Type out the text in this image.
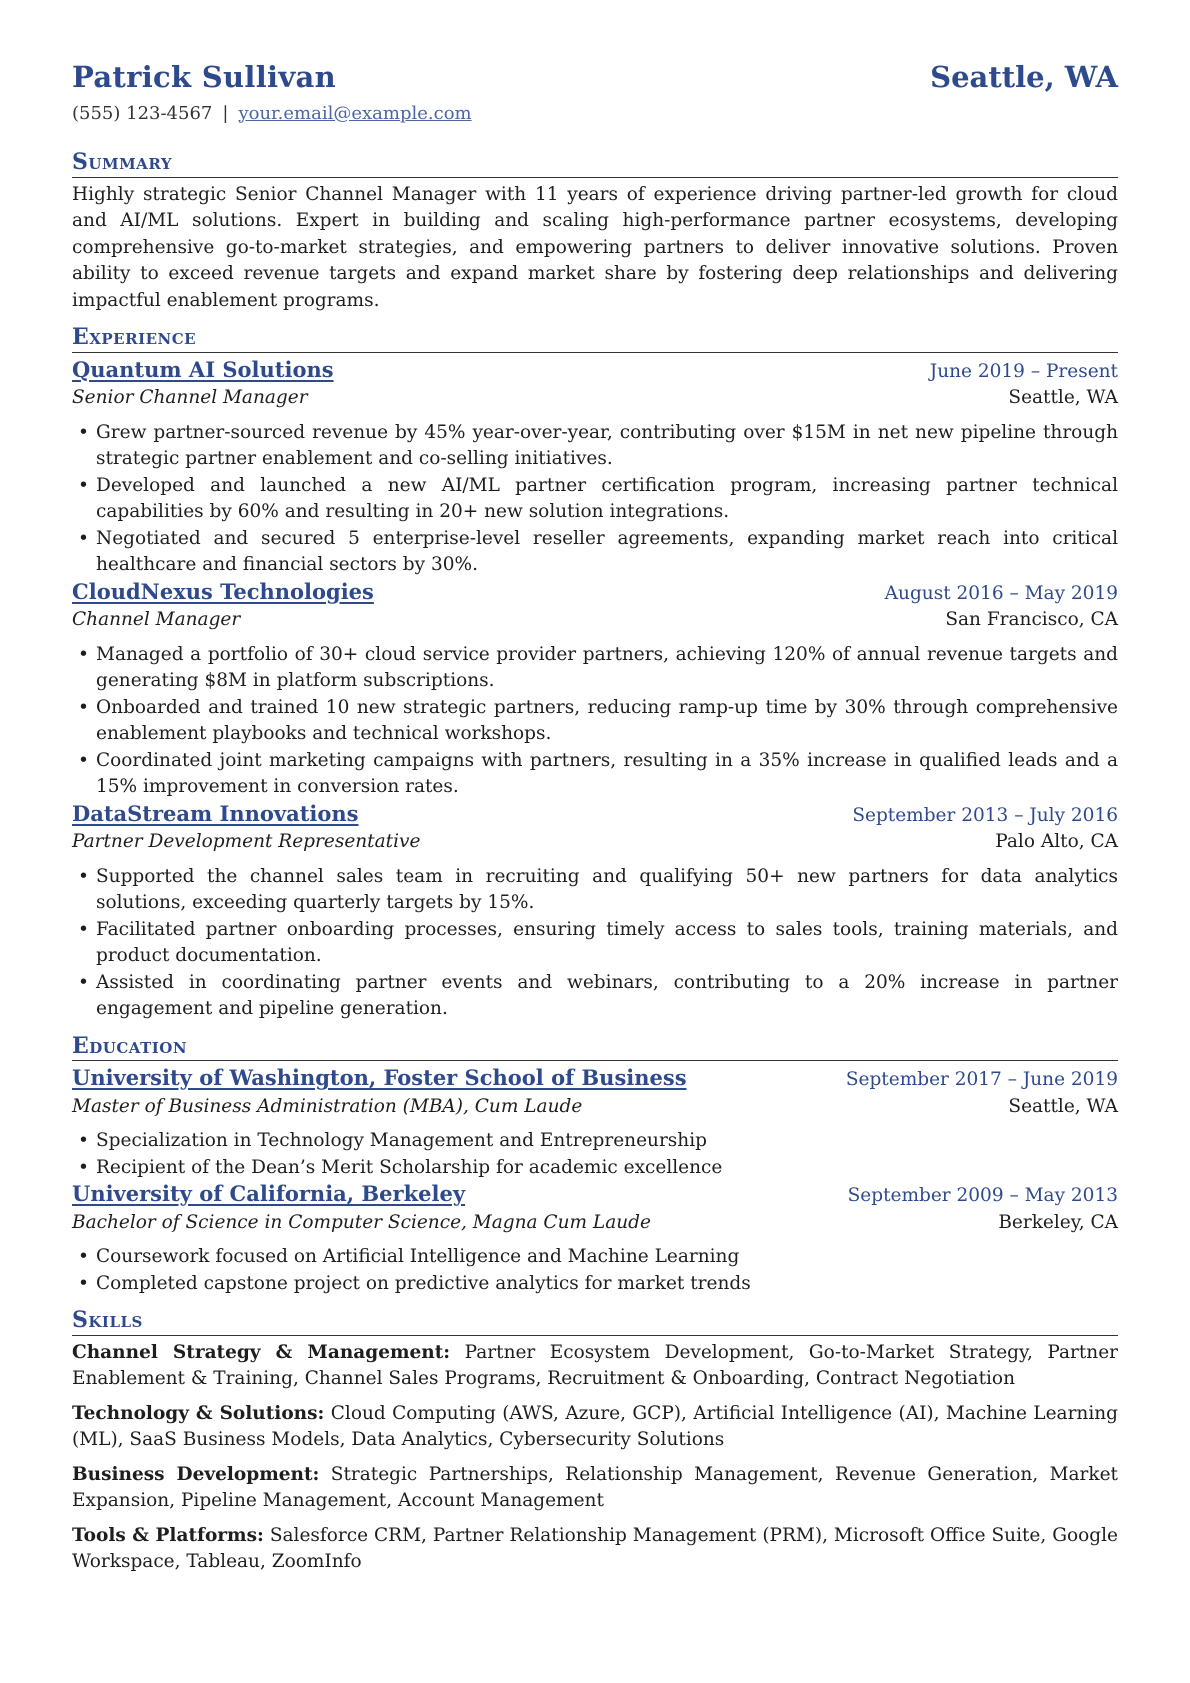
Patrick Sullivan	Seattle, WA
(555) 123-4567 | your.email@example.com
Summary
Highly strategic Senior Channel Manager with 11 years of experience driving partner-led growth for cloud and AI/ML solutions. Expert in building and scaling high-performance partner ecosystems, developing comprehensive go-to-market strategies, and empowering partners to deliver innovative solutions. Proven ability to exceed revenue targets and expand market share by fostering deep relationships and delivering impactful enablement programs.
Experience
Quantum AI Solutions	June 2019 – Present
Senior Channel Manager	Seattle, WA
• Grew partner-sourced revenue by 45% year-over-year, contributing over $15M in net new pipeline through strategic partner enablement and co-selling initiatives.
• Developed and launched a new AI/ML partner certification program, increasing partner technical capabilities by 60% and resulting in 20+ new solution integrations.
• Negotiated and secured 5 enterprise-level reseller agreements, expanding market reach into critical healthcare and financial sectors by 30%.
CloudNexus Technologies	August 2016 – May 2019
Channel Manager	San Francisco, CA
• Managed a portfolio of 30+ cloud service provider partners, achieving 120% of annual revenue targets and generating $8M in platform subscriptions.
• Onboarded and trained 10 new strategic partners, reducing ramp-up time by 30% through comprehensive enablement playbooks and technical workshops.
• Coordinated joint marketing campaigns with partners, resulting in a 35% increase in qualified leads and a 15% improvement in conversion rates.
DataStream Innovations	September 2013 – July 2016
Partner Development Representative	Palo Alto, CA
• Supported the channel sales team in recruiting and qualifying 50+ new partners for data analytics solutions, exceeding quarterly targets by 15%.
• Facilitated partner onboarding processes, ensuring timely access to sales tools, training materials, and product documentation.
• Assisted in coordinating partner events and webinars, contributing to a 20% increase in partner engagement and pipeline generation.
Education
University of Washington, Foster School of Business	September 2017 – June 2019
Master of Business Administration (MBA), Cum Laude	Seattle, WA
• Specialization in Technology Management and Entrepreneurship
• Recipient of the Dean’s Merit Scholarship for academic excellence
University of California, Berkeley	September 2009 – May 2013
Bachelor of Science in Computer Science, Magna Cum Laude	Berkeley, CA
• Coursework focused on Artificial Intelligence and Machine Learning
• Completed capstone project on predictive analytics for market trends
Skills
Channel Strategy & Management: Partner Ecosystem Development, Go-to-Market Strategy, Partner Enablement & Training, Channel Sales Programs, Recruitment & Onboarding, Contract Negotiation
Technology & Solutions: Cloud Computing (AWS, Azure, GCP), Artificial Intelligence (AI), Machine Learning (ML), SaaS Business Models, Data Analytics, Cybersecurity Solutions
Business Development: Strategic Partnerships, Relationship Management, Revenue Generation, Market Expansion, Pipeline Management, Account Management
Tools & Platforms: Salesforce CRM, Partner Relationship Management (PRM), Microsoft Office Suite, Google Workspace, Tableau, ZoomInfo
